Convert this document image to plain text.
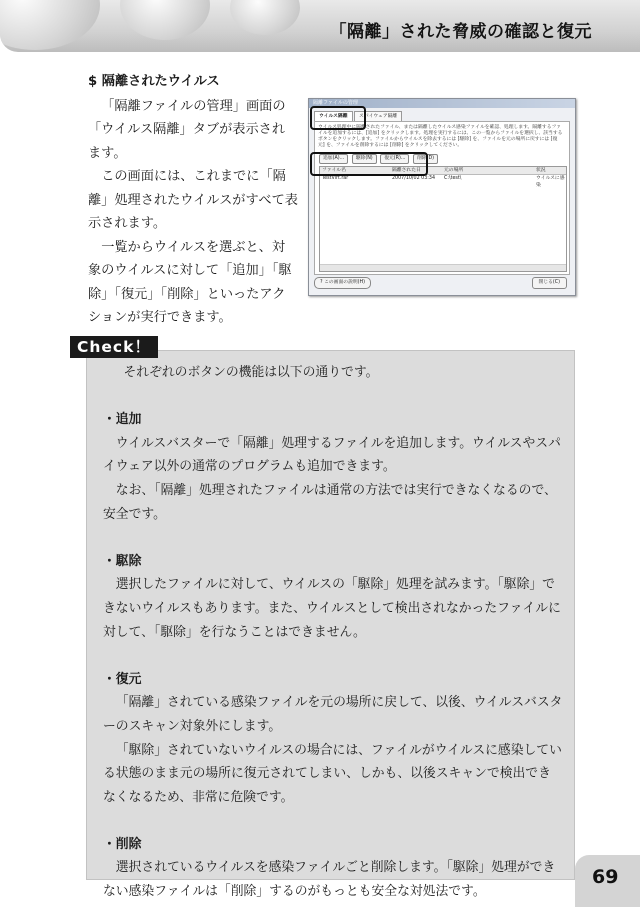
「隔離」された脅威の確認と復元
$ 隔離されたウイルス

「隔離ファイルの管理」画面の「ウイルス隔離」タブが表示されます。

この画面には、これまでに「隔離」処理されたウイルスがすべて表示されます。

一覧からウイルスを選ぶと、対象のウイルスに対して「追加」「駆除」「復元」「削除」といったアクションが実行できます。

隔離ファイルの管理
ウイルス隔離 スパイウェア隔離
ウイルス処理中に隔離されたファイル、または隔離したウイルス感染ファイルを確認、処理します。隔離するファイルを追加するには、[追加] をクリックします。処理を実行するには、この一覧からファイルを選択し、該当するボタンをクリックします。ファイルからウイルスを除去するには [駆除] を、ファイルを元の場所に戻すには [復元] を、ファイルを削除するには [削除] をクリックしてください。
追加(A)... 駆除(N) 復元(R)... 削除(D)
ファイル名	隔離された日	元の場所	状況
TestVirt.rar	2007/10/02 03:34	C:\test\	ウイルスに感染
? この画面の説明(H)	閉じる(C)

それぞれのボタンの機能は以下の通りです。

・追加

ウイルスバスターで「隔離」処理するファイルを追加します。ウイルスやスパイウェア以外の通常のプログラムも追加できます。

なお、「隔離」処理されたファイルは通常の方法では実行できなくなるので、安全です。

・駆除

選択したファイルに対して、ウイルスの「駆除」処理を試みます。「駆除」できないウイルスもあります。また、ウイルスとして検出されなかったファイルに対して、「駆除」を行なうことはできません。

・復元

「隔離」されている感染ファイルを元の場所に戻して、以後、ウイルスバスターのスキャン対象外にします。

「駆除」されていないウイルスの場合には、ファイルがウイルスに感染している状態のまま元の場所に復元されてしまい、しかも、以後スキャンで検出できなくなるため、非常に危険です。

・削除

選択されているウイルスを感染ファイルごと削除します。「駆除」処理ができない感染ファイルは「削除」するのがもっとも安全な対処法です。

Check！
69
